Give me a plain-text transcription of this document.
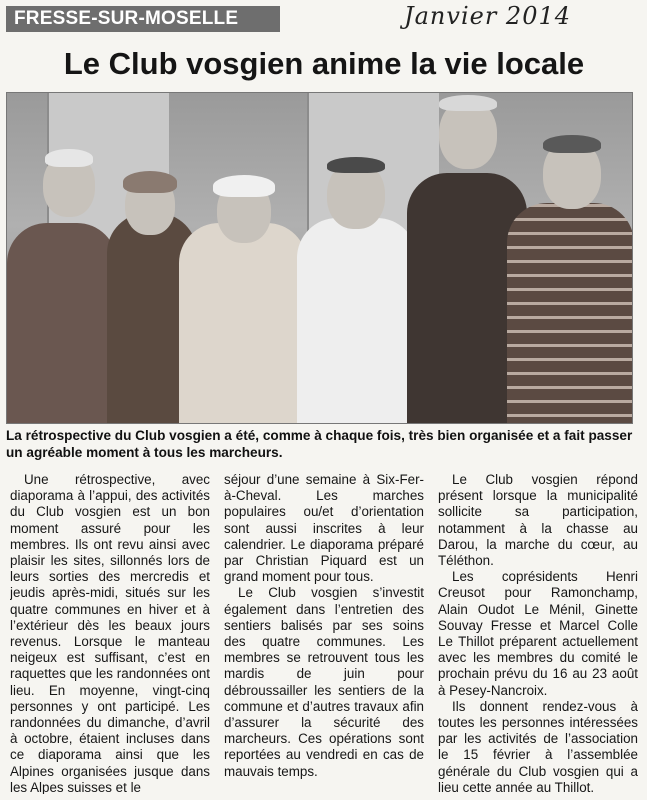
FRESSE-SUR-MOSELLE	Janvier 2014
Le Club vosgien anime la vie locale

La rétrospective du Club vosgien a été, comme à chaque fois, très bien organisée et a fait passer un agréable moment à tous les marcheurs.

Une rétrospective, avec diaporama à l’appui, des activités du Club vosgien est un bon moment assuré pour les membres. Ils ont revu ainsi avec plaisir les sites, sillonnés lors de leurs sorties des mercredis et jeudis après-midi, situés sur les quatre communes en hiver et à l’extérieur dès les beaux jours revenus. Lorsque le manteau neigeux est suffisant, c’est en raquettes que les randonnées ont lieu. En moyenne, vingt-cinq personnes y ont participé. Les randonnées du dimanche, d’avril à octobre, étaient incluses dans ce diaporama ainsi que les Alpines organisées jusque dans les Alpes suisses et le

séjour d’une semaine à Six-Fer-à-Cheval. Les marches populaires ou/et d’orientation sont aussi inscrites à leur calendrier. Le diaporama préparé par Christian Piquard est un grand moment pour tous.
Le Club vosgien s’investit également dans l’entretien des sentiers balisés par ses soins des quatre communes. Les membres se retrouvent tous les mardis de juin pour débroussailler les sentiers de la commune et d’autres travaux afin d’assurer la sécurité des marcheurs. Ces opérations sont reportées au vendredi en cas de mauvais temps.

Le Club vosgien répond présent lorsque la municipalité sollicite sa participation, notamment à la chasse au Darou, la marche du cœur, au Téléthon.
Les coprésidents Henri Creusot pour Ramonchamp, Alain Oudot Le Ménil, Ginette Souvay Fresse et Marcel Colle Le Thillot préparent actuellement avec les membres du comité le prochain prévu du 16 au 23 août à Pesey-Nancroix.
Ils donnent rendez-vous à toutes les personnes intéressées par les activités de l’association le 15 février à l’assemblée générale du Club vosgien qui a lieu cette année au Thillot.
